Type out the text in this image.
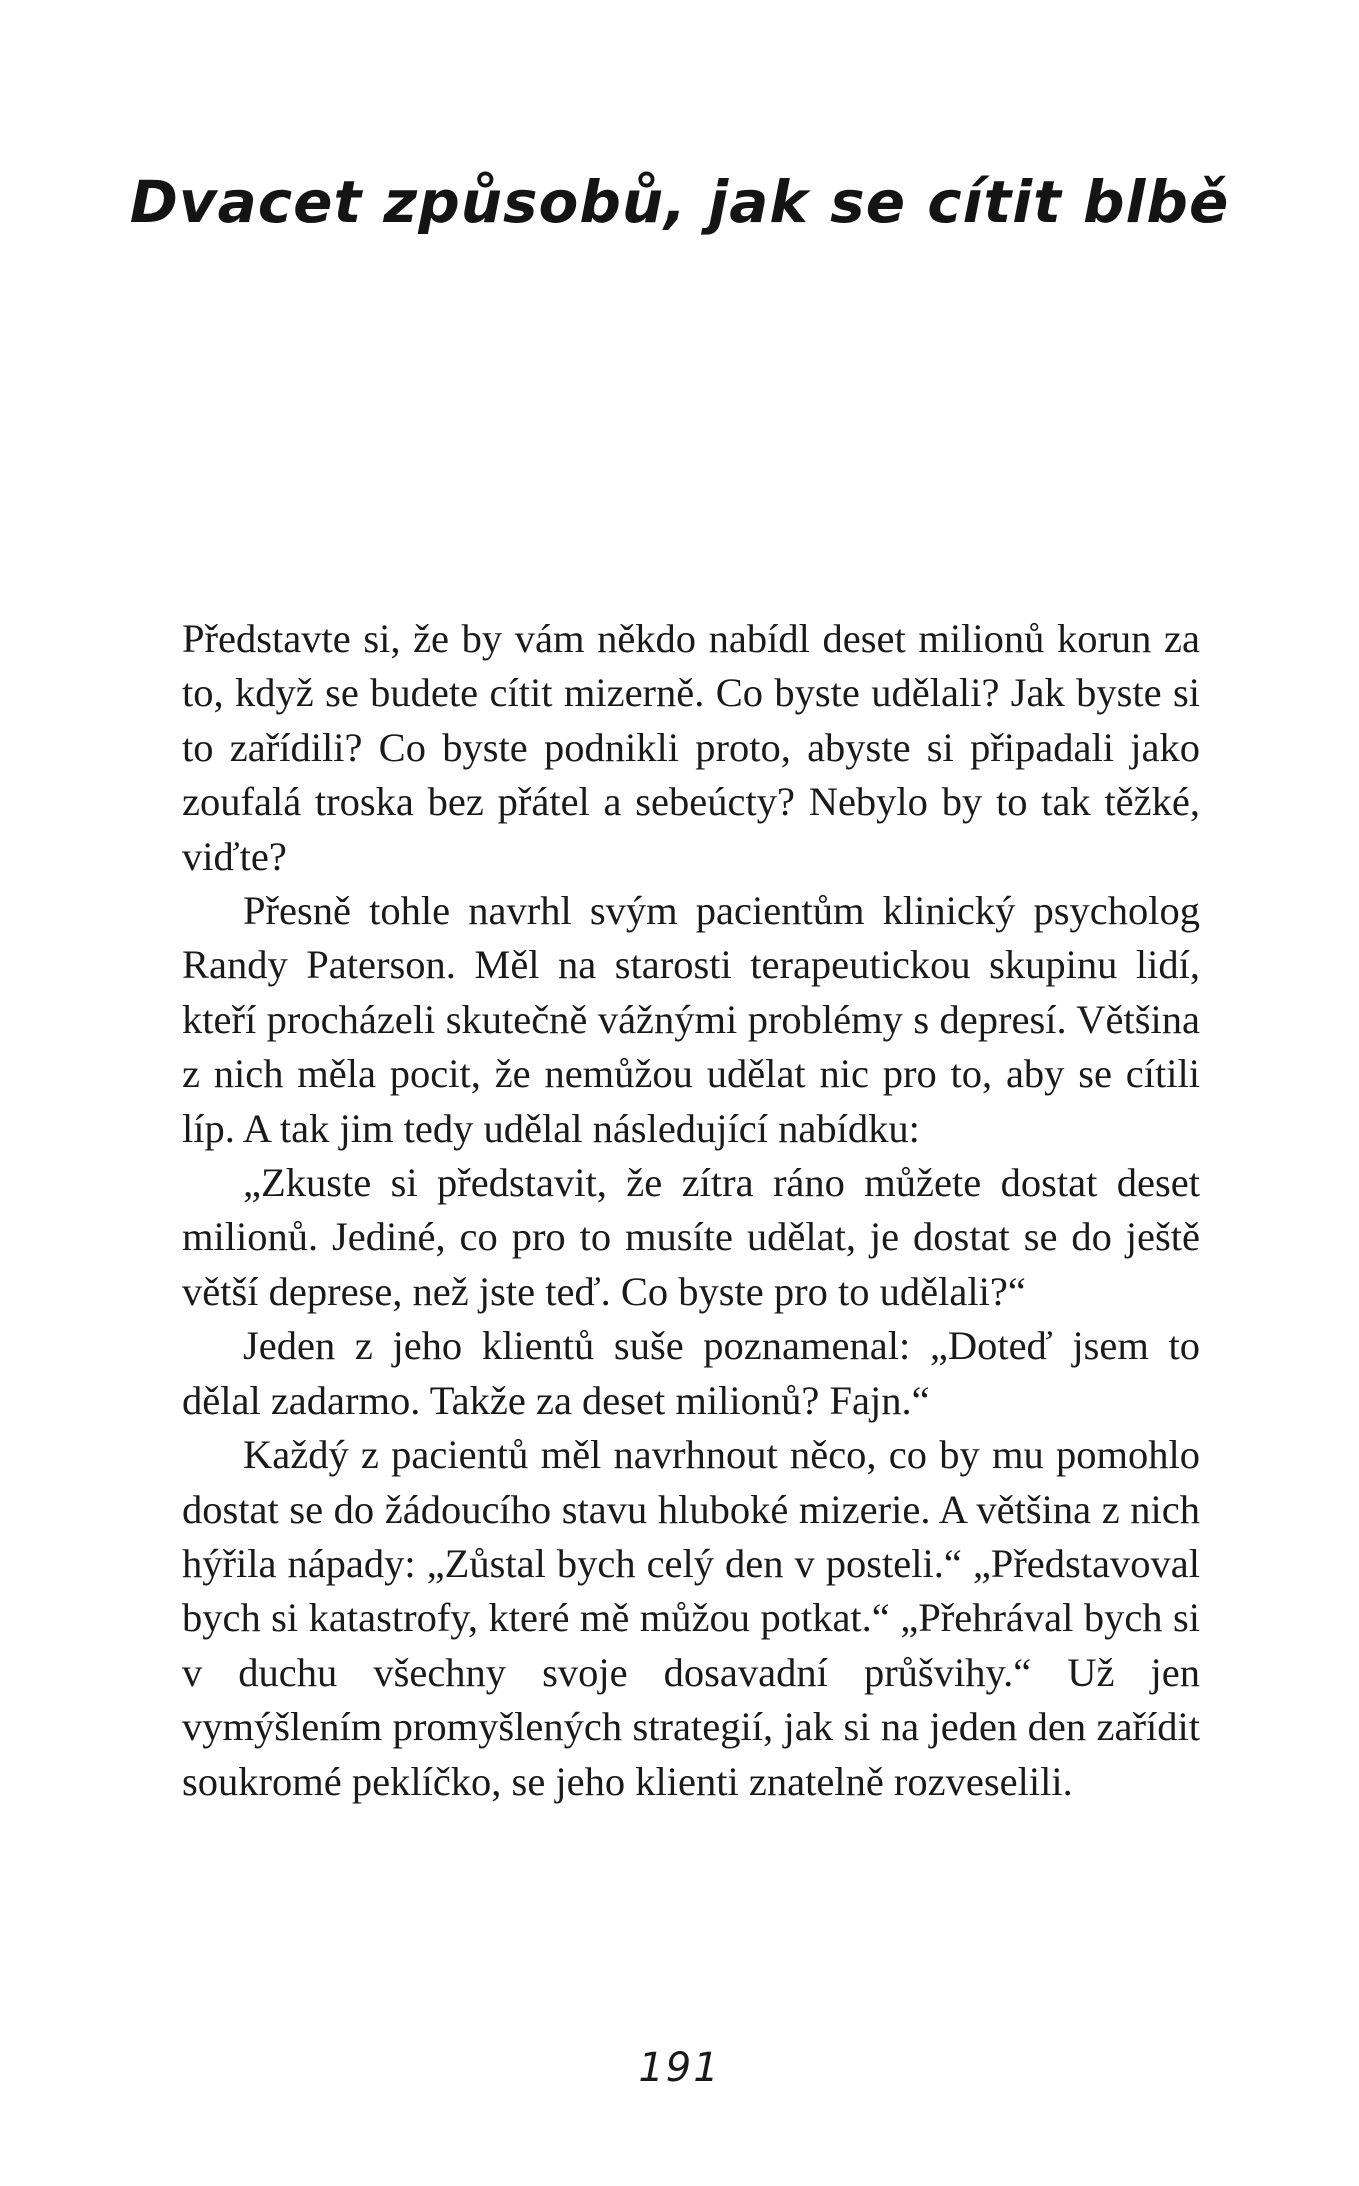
Dvacet způsobů, jak se cítit blbě

Představte si, že by vám někdo nabídl deset milionů korun za to, když se budete cítit mizerně. Co byste udělali? Jak byste si to zařídili? Co byste podnikli proto, abyste si připadali jako zoufalá troska bez přátel a sebeúcty? Nebylo by to tak těžké, viďte?

Přesně tohle navrhl svým pacientům klinický psycholog Randy Paterson. Měl na starosti terapeutickou skupinu lidí, kteří procházeli skutečně vážnými problémy s depresí. Většina z nich měla pocit, že nemůžou udělat nic pro to, aby se cítili líp. A tak jim tedy udělal následující nabídku:

„Zkuste si představit, že zítra ráno můžete dostat deset milionů. Jediné, co pro to musíte udělat, je dostat se do ještě větší deprese, než jste teď. Co byste pro to udělali?“

Jeden z jeho klientů suše poznamenal: „Doteď jsem to dělal zadarmo. Takže za deset milionů? Fajn.“

Každý z pacientů měl navrhnout něco, co by mu pomohlo dostat se do žádoucího stavu hluboké mizerie. A většina z nich hýřila nápady: „Zůstal bych celý den v posteli.“ „Představoval bych si katastrofy, které mě můžou potkat.“ „Přehrával bych si v duchu všechny svoje dosavadní průšvihy.“ Už jen vymýšlením promyšlených strategií, jak si na jeden den zařídit soukromé peklíčko, se jeho klienti znatelně rozveselili.

191
